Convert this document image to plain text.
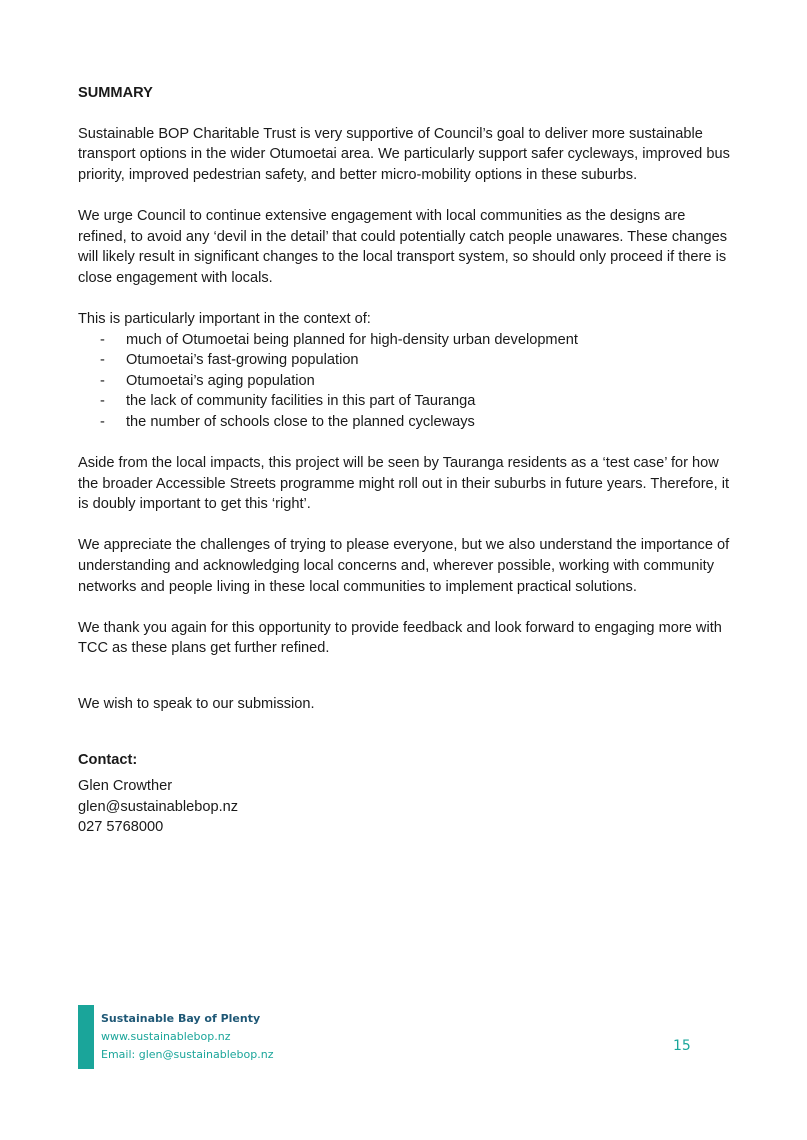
SUMMARY

Sustainable BOP Charitable Trust is very supportive of Council’s goal to deliver more sustainable transport options in the wider Otumoetai area. We particularly support safer cycleways, improved bus priority, improved pedestrian safety, and better micro-mobility options in these suburbs.

We urge Council to continue extensive engagement with local communities as the designs are refined, to avoid any ‘devil in the detail’ that could potentially catch people unawares. These changes will likely result in significant changes to the local transport system, so should only proceed if there is close engagement with locals.

This is particularly important in the context of:

- much of Otumoetai being planned for high-density urban development
- Otumoetai’s fast-growing population
- Otumoetai’s aging population
- the lack of community facilities in this part of Tauranga
- the number of schools close to the planned cycleways

Aside from the local impacts, this project will be seen by Tauranga residents as a ‘test case’ for how the broader Accessible Streets programme might roll out in their suburbs in future years. Therefore, it is doubly important to get this ‘right’.

We appreciate the challenges of trying to please everyone, but we also understand the importance of understanding and acknowledging local concerns and, wherever possible, working with community networks and people living in these local communities to implement practical solutions.

We thank you again for this opportunity to provide feedback and look forward to engaging more with TCC as these plans get further refined.

We wish to speak to our submission.

Contact:

Glen Crowther

glen@sustainablebop.nz

027 5768000

Sustainable Bay of Plenty
www.sustainablebop.nz
Email: glen@sustainablebop.nz
15
